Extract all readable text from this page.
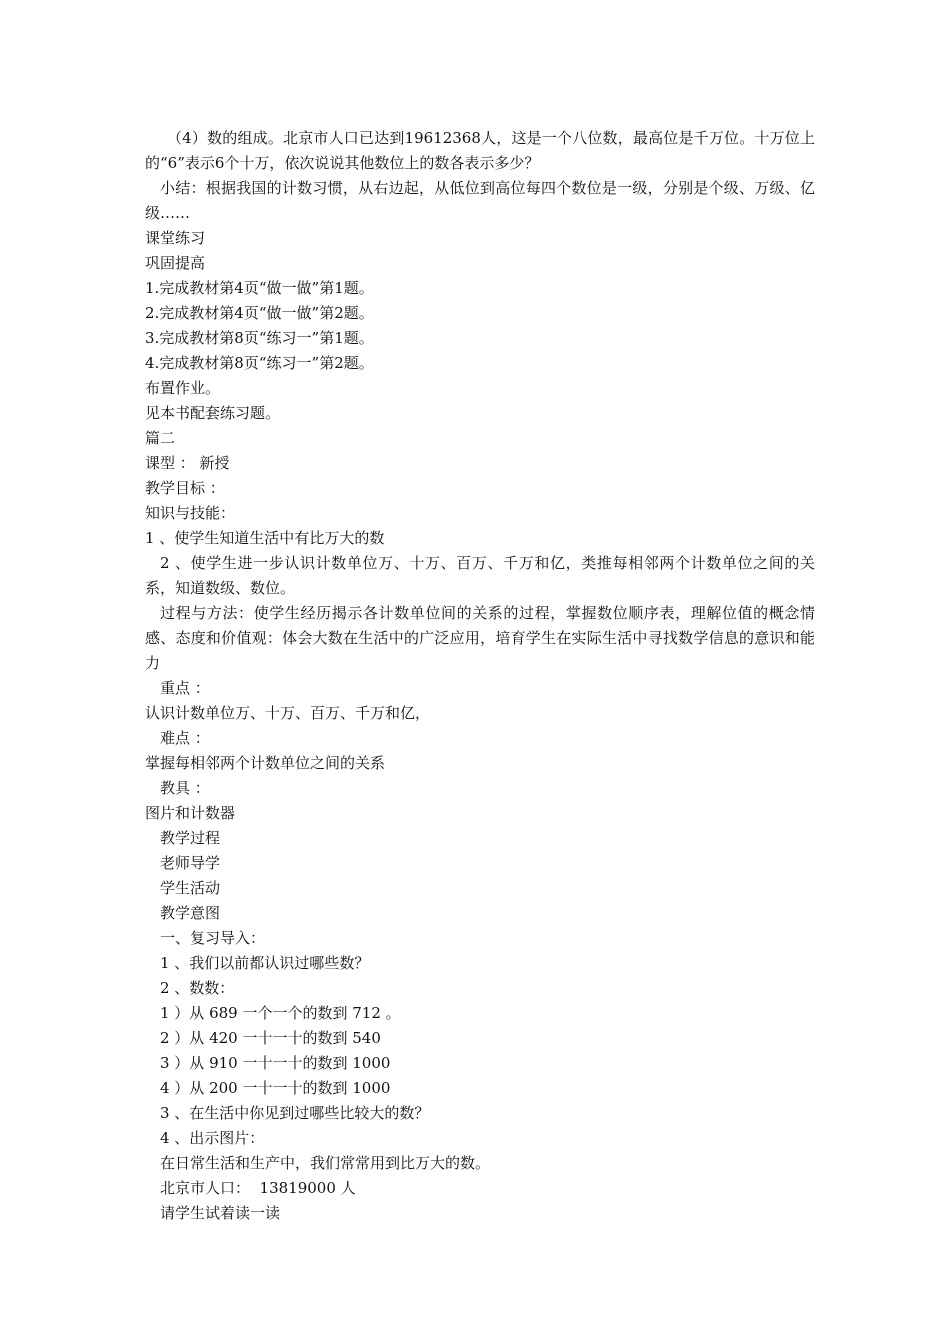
（4）数的组成。北京市人口已达到19612368人，这是一个八位数，最高位是千万位。十万位上的“6”表示6个十万，依次说说其他数位上的数各表示多少？
小结：根据我国的计数习惯，从右边起，从低位到高位每四个数位是一级，分别是个级、万级、亿级……
课堂练习
巩固提高
1.完成教材第4页“做一做”第1题。
2.完成教材第4页“做一做”第2题。
3.完成教材第8页“练习一”第1题。
4.完成教材第8页“练习一”第2题。
布置作业。
见本书配套练习题。
篇二
课型 ： 新授
教学目标 ：
知识与技能：
1 、使学生知道生活中有比万大的数
2 、使学生进一步认识计数单位万、十万、百万、千万和亿，类推每相邻两个计数单位之间的关系，知道数级、数位。
过程与方法：使学生经历揭示各计数单位间的关系的过程，掌握数位顺序表，理解位值的概念情感、态度和价值观：体会大数在生活中的广泛应用，培育学生在实际生活中寻找数学信息的意识和能力
重点 ：
认识计数单位万、十万、百万、千万和亿，
难点 ：
掌握每相邻两个计数单位之间的关系
教具 ：
图片和计数器
教学过程
老师导学
学生活动
教学意图
一、复习导入：
1 、我们以前都认识过哪些数？
2 、数数：
1 ）从 689 一个一个的数到 712 。
2 ）从 420 一十一十的数到 540
3 ）从 910 一十一十的数到 1000
4 ）从 200 一十一十的数到 1000
3 、在生活中你见到过哪些比较大的数？
4 、出示图片：
在日常生活和生产中，我们常常用到比万大的数。
北京市人口：  13819000 人
请学生试着读一读
